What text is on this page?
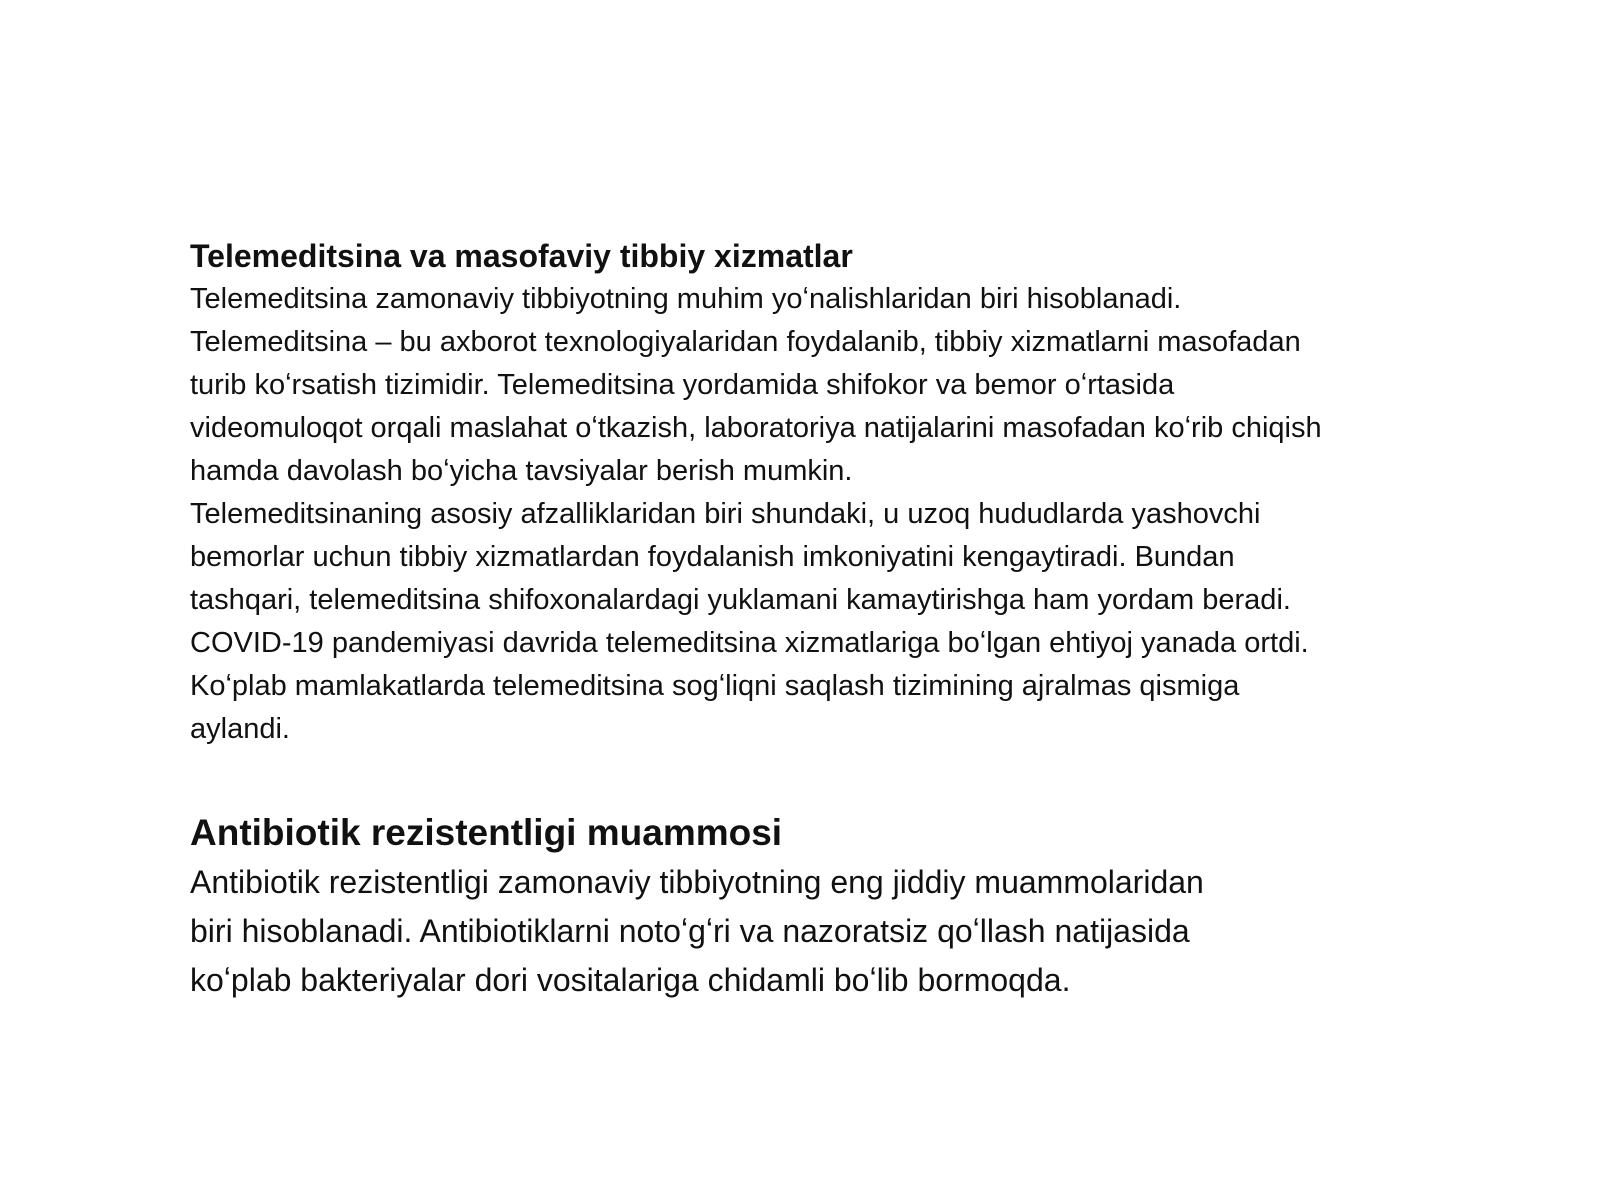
Telemeditsina va masofaviy tibbiy xizmatlar

Telemeditsina zamonaviy tibbiyotning muhim yoʻnalishlaridan biri hisoblanadi.
Telemeditsina – bu axborot texnologiyalaridan foydalanib, tibbiy xizmatlarni masofadan
turib koʻrsatish tizimidir. Telemeditsina yordamida shifokor va bemor oʻrtasida
videomuloqot orqali maslahat oʻtkazish, laboratoriya natijalarini masofadan koʻrib chiqish
hamda davolash boʻyicha tavsiyalar berish mumkin.
Telemeditsinaning asosiy afzalliklaridan biri shundaki, u uzoq hududlarda yashovchi
bemorlar uchun tibbiy xizmatlardan foydalanish imkoniyatini kengaytiradi. Bundan
tashqari, telemeditsina shifoxonalardagi yuklamani kamaytirishga ham yordam beradi.
COVID-19 pandemiyasi davrida telemeditsina xizmatlariga boʻlgan ehtiyoj yanada ortdi.
Koʻplab mamlakatlarda telemeditsina sogʻliqni saqlash tizimining ajralmas qismiga
aylandi.

Antibiotik rezistentligi muammosi

Antibiotik rezistentligi zamonaviy tibbiyotning eng jiddiy muammolaridan
biri hisoblanadi. Antibiotiklarni notoʻgʻri va nazoratsiz qoʻllash natijasida
koʻplab bakteriyalar dori vositalariga chidamli boʻlib bormoqda.
